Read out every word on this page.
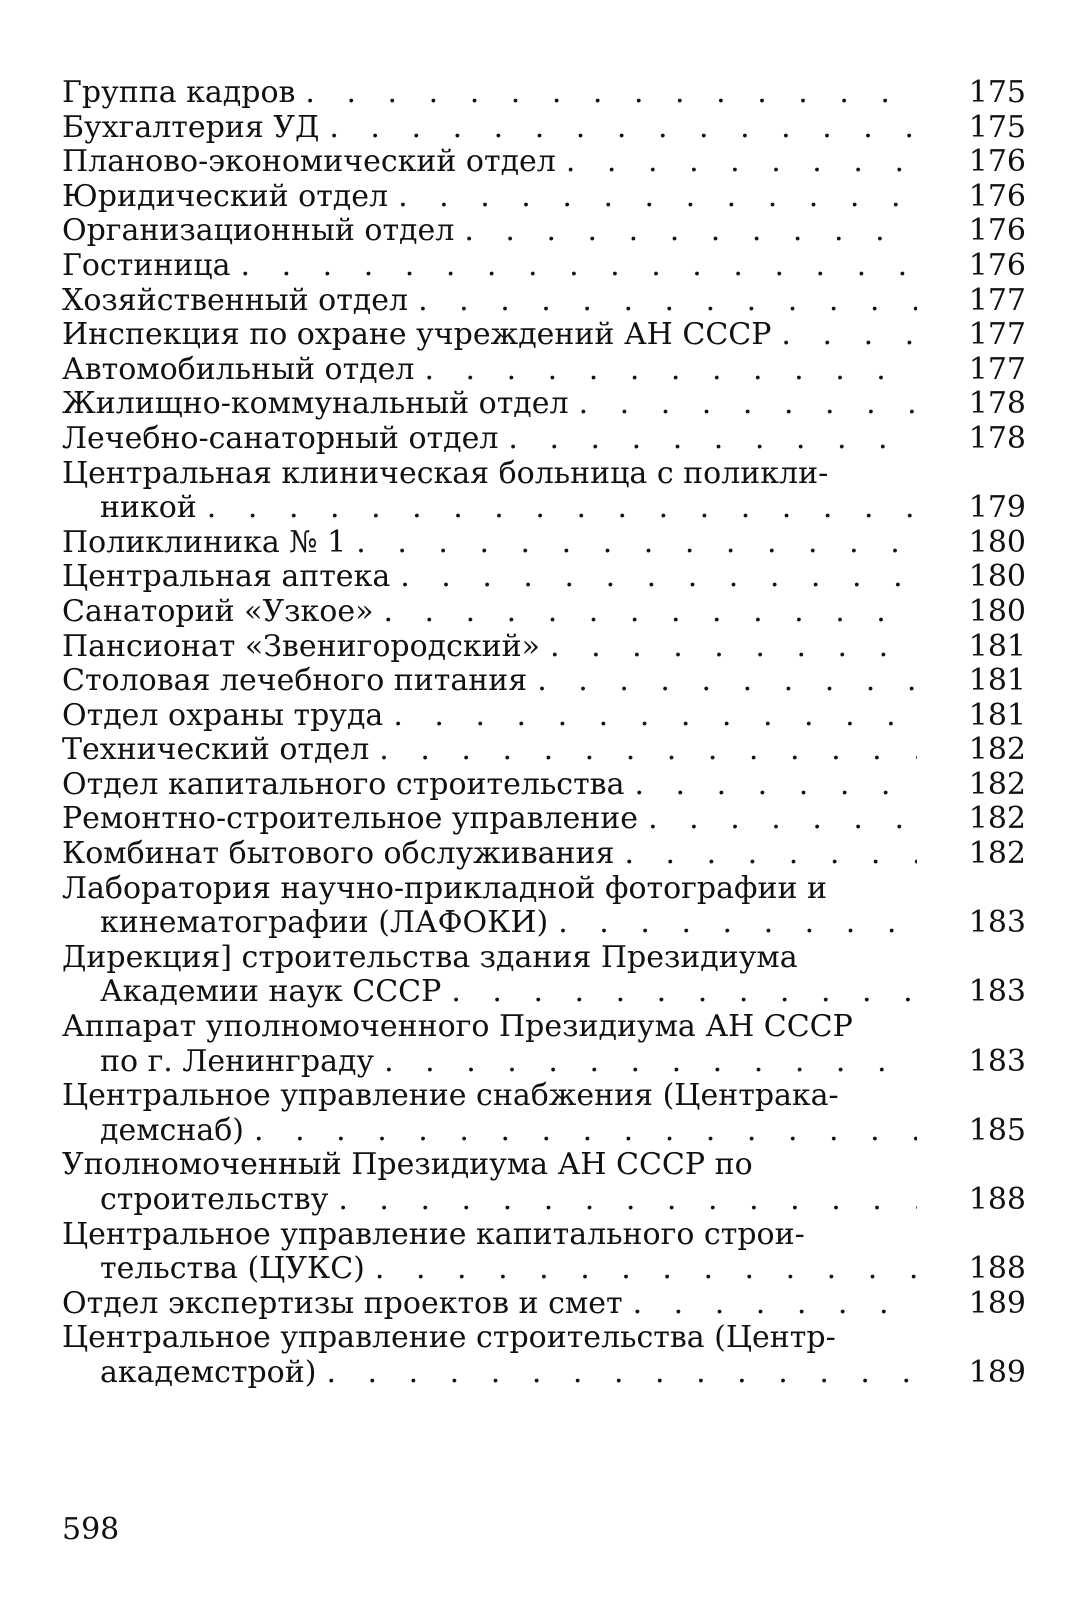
Группа кадров . . .	175
Бухгалтерия УД . . .	175
Планово-экономический отдел . . .	176
Юридический отдел . . .	176
Организационный отдел . . .	176
Гостиница . . .	176
Хозяйственный отдел . . .	177
Инспекция по охране учреждений АН СССР . . .	177
Автомобильный отдел . . .	177
Жилищно-коммунальный отдел . . .	178
Лечебно-санаторный отдел . . .	178
Центральная клиническая больница с поликли-
никой . . .	179
Поликлиника № 1 . . .	180
Центральная аптека . . .	180
Санаторий «Узкое» . . .	180
Пансионат «Звенигородский» . . .	181
Столовая лечебного питания . . .	181
Отдел охраны труда . . .	181
Технический отдел . . .	182
Отдел капитального строительства . . .	182
Ремонтно-строительное управление . . .	182
Комбинат бытового обслуживания . . .	182
Лаборатория научно-прикладной фотографии и
кинематографии (ЛАФОКИ) . . .	183
Дирекция] строительства здания Президиума
Академии наук СССР . . .	183
Аппарат уполномоченного Президиума АН СССР
по г. Ленинграду . . .	183
Центральное управление снабжения (Центрака-
демснаб) . . .	185
Уполномоченный Президиума АН СССР по
строительству . . .	188
Центральное управление капитального строи-
тельства (ЦУКС) . . .	188
Отдел экспертизы проектов и смет . . .	189
Центральное управление строительства (Центр-
академстрой) . . .	189
598
